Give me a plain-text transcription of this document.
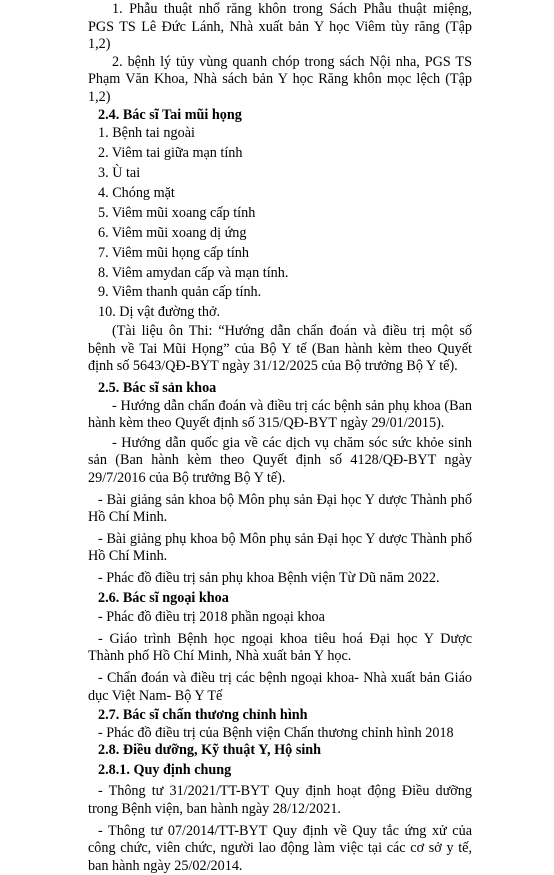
1. Phẫu thuật nhổ răng khôn trong Sách Phẫu thuật miệng, PGS TS Lê Đức Lánh, Nhà xuất bản Y học Viêm tùy răng (Tập 1,2)

2. bệnh lý tủy vùng quanh chóp trong sách Nội nha, PGS TS Phạm Văn Khoa, Nhà sách bản Y học Răng khôn mọc lệch (Tập 1,2)

2.4. Bác sĩ Tai mũi họng

1. Bệnh tai ngoài
2. Viêm tai giữa mạn tính
3. Ù tai
4. Chóng mặt
5. Viêm mũi xoang cấp tính
6. Viêm mũi xoang dị ứng
7. Viêm mũi họng cấp tính
8. Viêm amydan cấp và mạn tính.
9. Viêm thanh quản cấp tính.
10. Dị vật đường thở.

(Tài liệu ôn Thi: “Hướng dẫn chẩn đoán và điều trị một số bệnh về Tai Mũi Họng” của Bộ Y tế (Ban hành kèm theo Quyết định số 5643/QĐ-BYT ngày 31/12/2025 của Bộ trưởng Bộ Y tế).

2.5. Bác sĩ sản khoa

- Hướng dẫn chẩn đoán và điều trị các bệnh sản phụ khoa (Ban hành kèm theo Quyết định số 315/QĐ-BYT ngày 29/01/2015).

- Hướng dẫn quốc gia về các dịch vụ chăm sóc sức khỏe sinh sản (Ban hành kèm theo Quyết định số 4128/QĐ-BYT ngày 29/7/2016 của Bộ trưởng Bộ Y tế).

- Bài giảng sản khoa bộ Môn phụ sản Đại học Y dược Thành phố Hồ Chí Minh.

- Bài giảng phụ khoa bộ Môn phụ sản Đại học Y dược Thành phố Hồ Chí Minh.

- Phác đồ điều trị sản phụ khoa Bệnh viện Từ Dũ năm 2022.

2.6. Bác sĩ ngoại khoa

- Phác đồ điều trị 2018 phần ngoại khoa

- Giáo trình Bệnh học ngoại khoa tiêu hoá Đại học Y Dược Thành phố Hồ Chí Minh, Nhà xuất bản Y học.

- Chẩn đoán và điều trị các bệnh ngoại khoa- Nhà xuất bản Giáo dục Việt Nam- Bộ Y Tế

2.7. Bác sĩ chấn thương chỉnh hình

- Phác đồ điều trị của Bệnh viện Chấn thương chỉnh hình 2018

2.8. Điều dưỡng, Kỹ thuật Y, Hộ sinh

2.8.1. Quy định chung

- Thông tư 31/2021/TT-BYT Quy định hoạt động Điều dưỡng trong Bệnh viện, ban hành ngày 28/12/2021.

- Thông tư 07/2014/TT-BYT Quy định về Quy tắc ứng xử của công chức, viên chức, người lao động làm việc tại các cơ sở y tế, ban hành ngày 25/02/2014.
